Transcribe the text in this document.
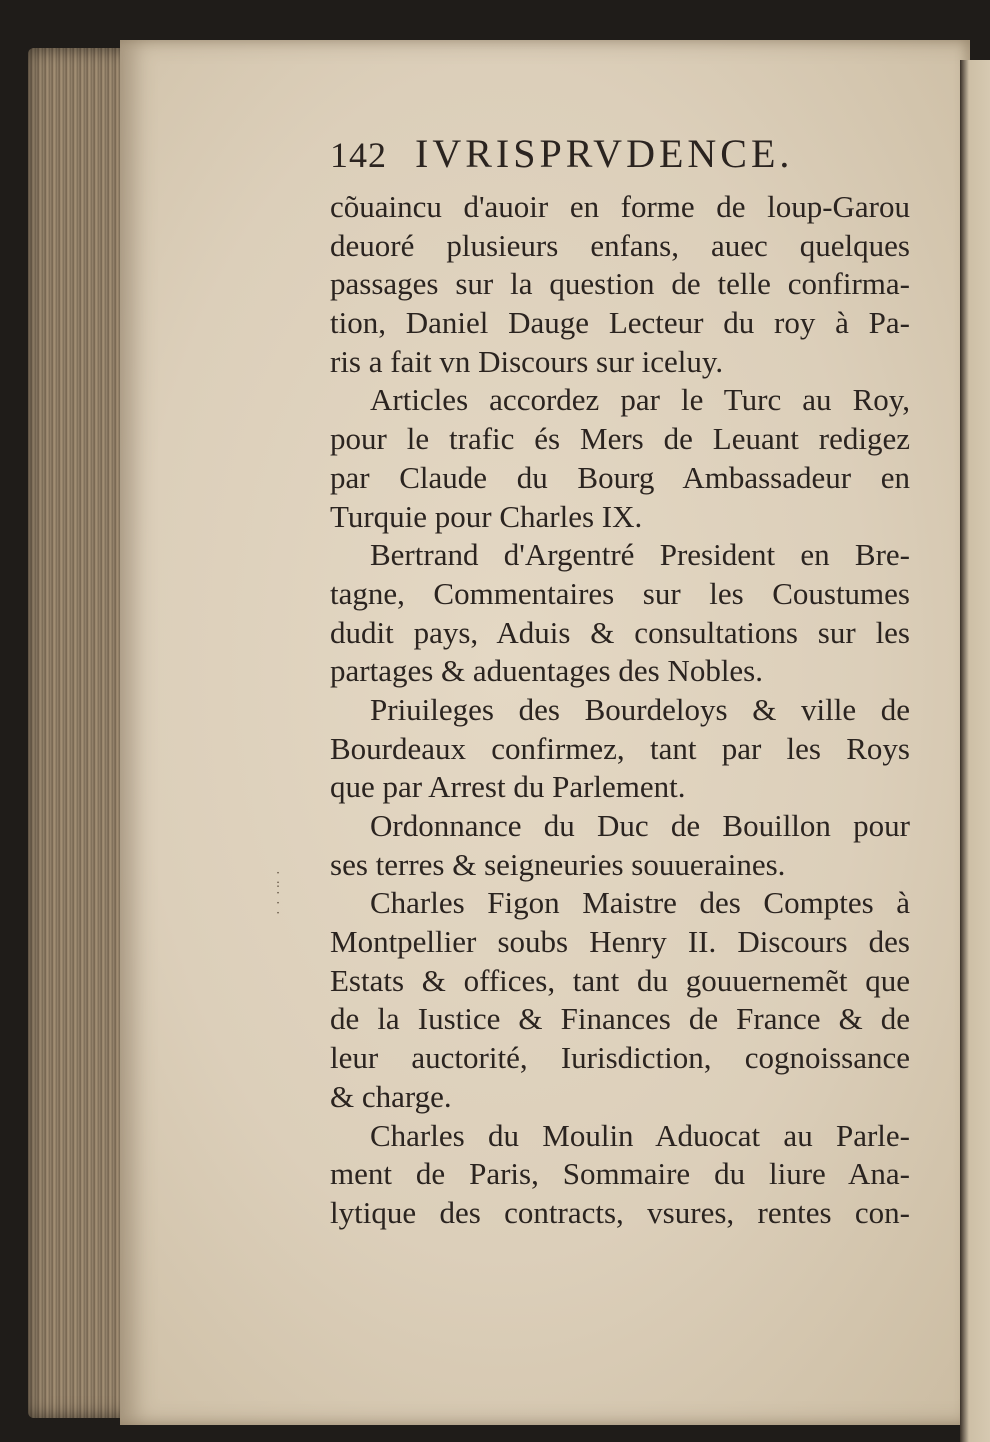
·
:
·
·
·
142 IVRISPRVDENCE.
cõuaincu d'auoir en forme de loup-Garou
deuoré plusieurs enfans, auec quelques
passages sur la question de telle confirma-
tion, Daniel Dauge Lecteur du roy à Pa-
ris a fait vn Discours sur iceluy.
Articles accordez par le Turc au Roy,
pour le trafic és Mers de Leuant redigez
par Claude du Bourg Ambassadeur en
Turquie pour Charles IX.
Bertrand d'Argentré President en Bre-
tagne, Commentaires sur les Coustumes
dudit pays, Aduis & consultations sur les
partages & aduentages des Nobles.
Priuileges des Bourdeloys & ville de
Bourdeaux confirmez, tant par les Roys
que par Arrest du Parlement.
Ordonnance du Duc de Bouillon pour
ses terres & seigneuries souueraines.
Charles Figon Maistre des Comptes à
Montpellier soubs Henry II. Discours des
Estats & offices, tant du gouuernemẽt que
de la Iustice & Finances de France & de
leur auctorité, Iurisdiction, cognoissance
& charge.
Charles du Moulin Aduocat au Parle-
ment de Paris, Sommaire du liure Ana-
lytique des contracts, vsures, rentes con-
